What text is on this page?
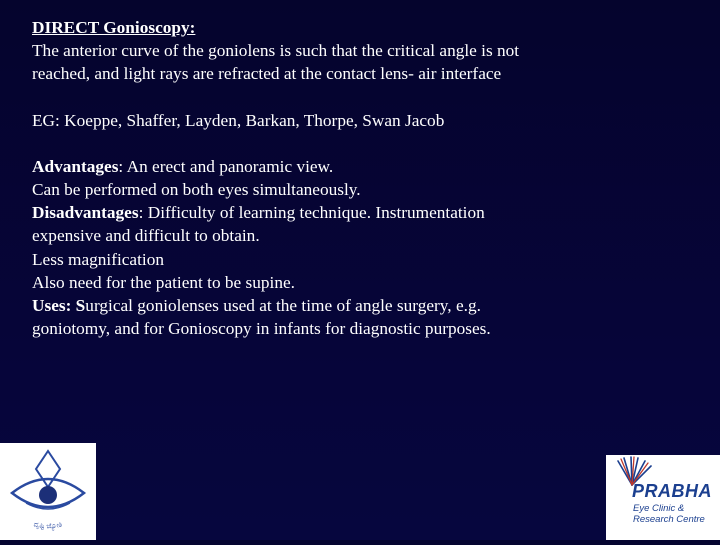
DIRECT Gonioscopy:
The anterior curve of the goniolens is such that the critical angle is not
reached, and light rays are refracted at the contact lens- air interface
EG: Koeppe, Shaffer, Layden, Barkan, Thorpe, Swan Jacob
Advantages: An erect and panoramic view.
Can be performed on both eyes simultaneously.
Disadvantages: Difficulty of learning technique. Instrumentation
expensive and difficult to obtain.
Less magnification
Also need for the patient to be supine.
Uses: Surgical goniolenses used at the time of angle surgery, e.g.
goniotomy, and for Gonioscopy in infants for diagnostic purposes.
ದೃಷ್ಟಿ ಜ್ಯೋತಿ
PRABHA
Eye Clinic &
Research Centre
